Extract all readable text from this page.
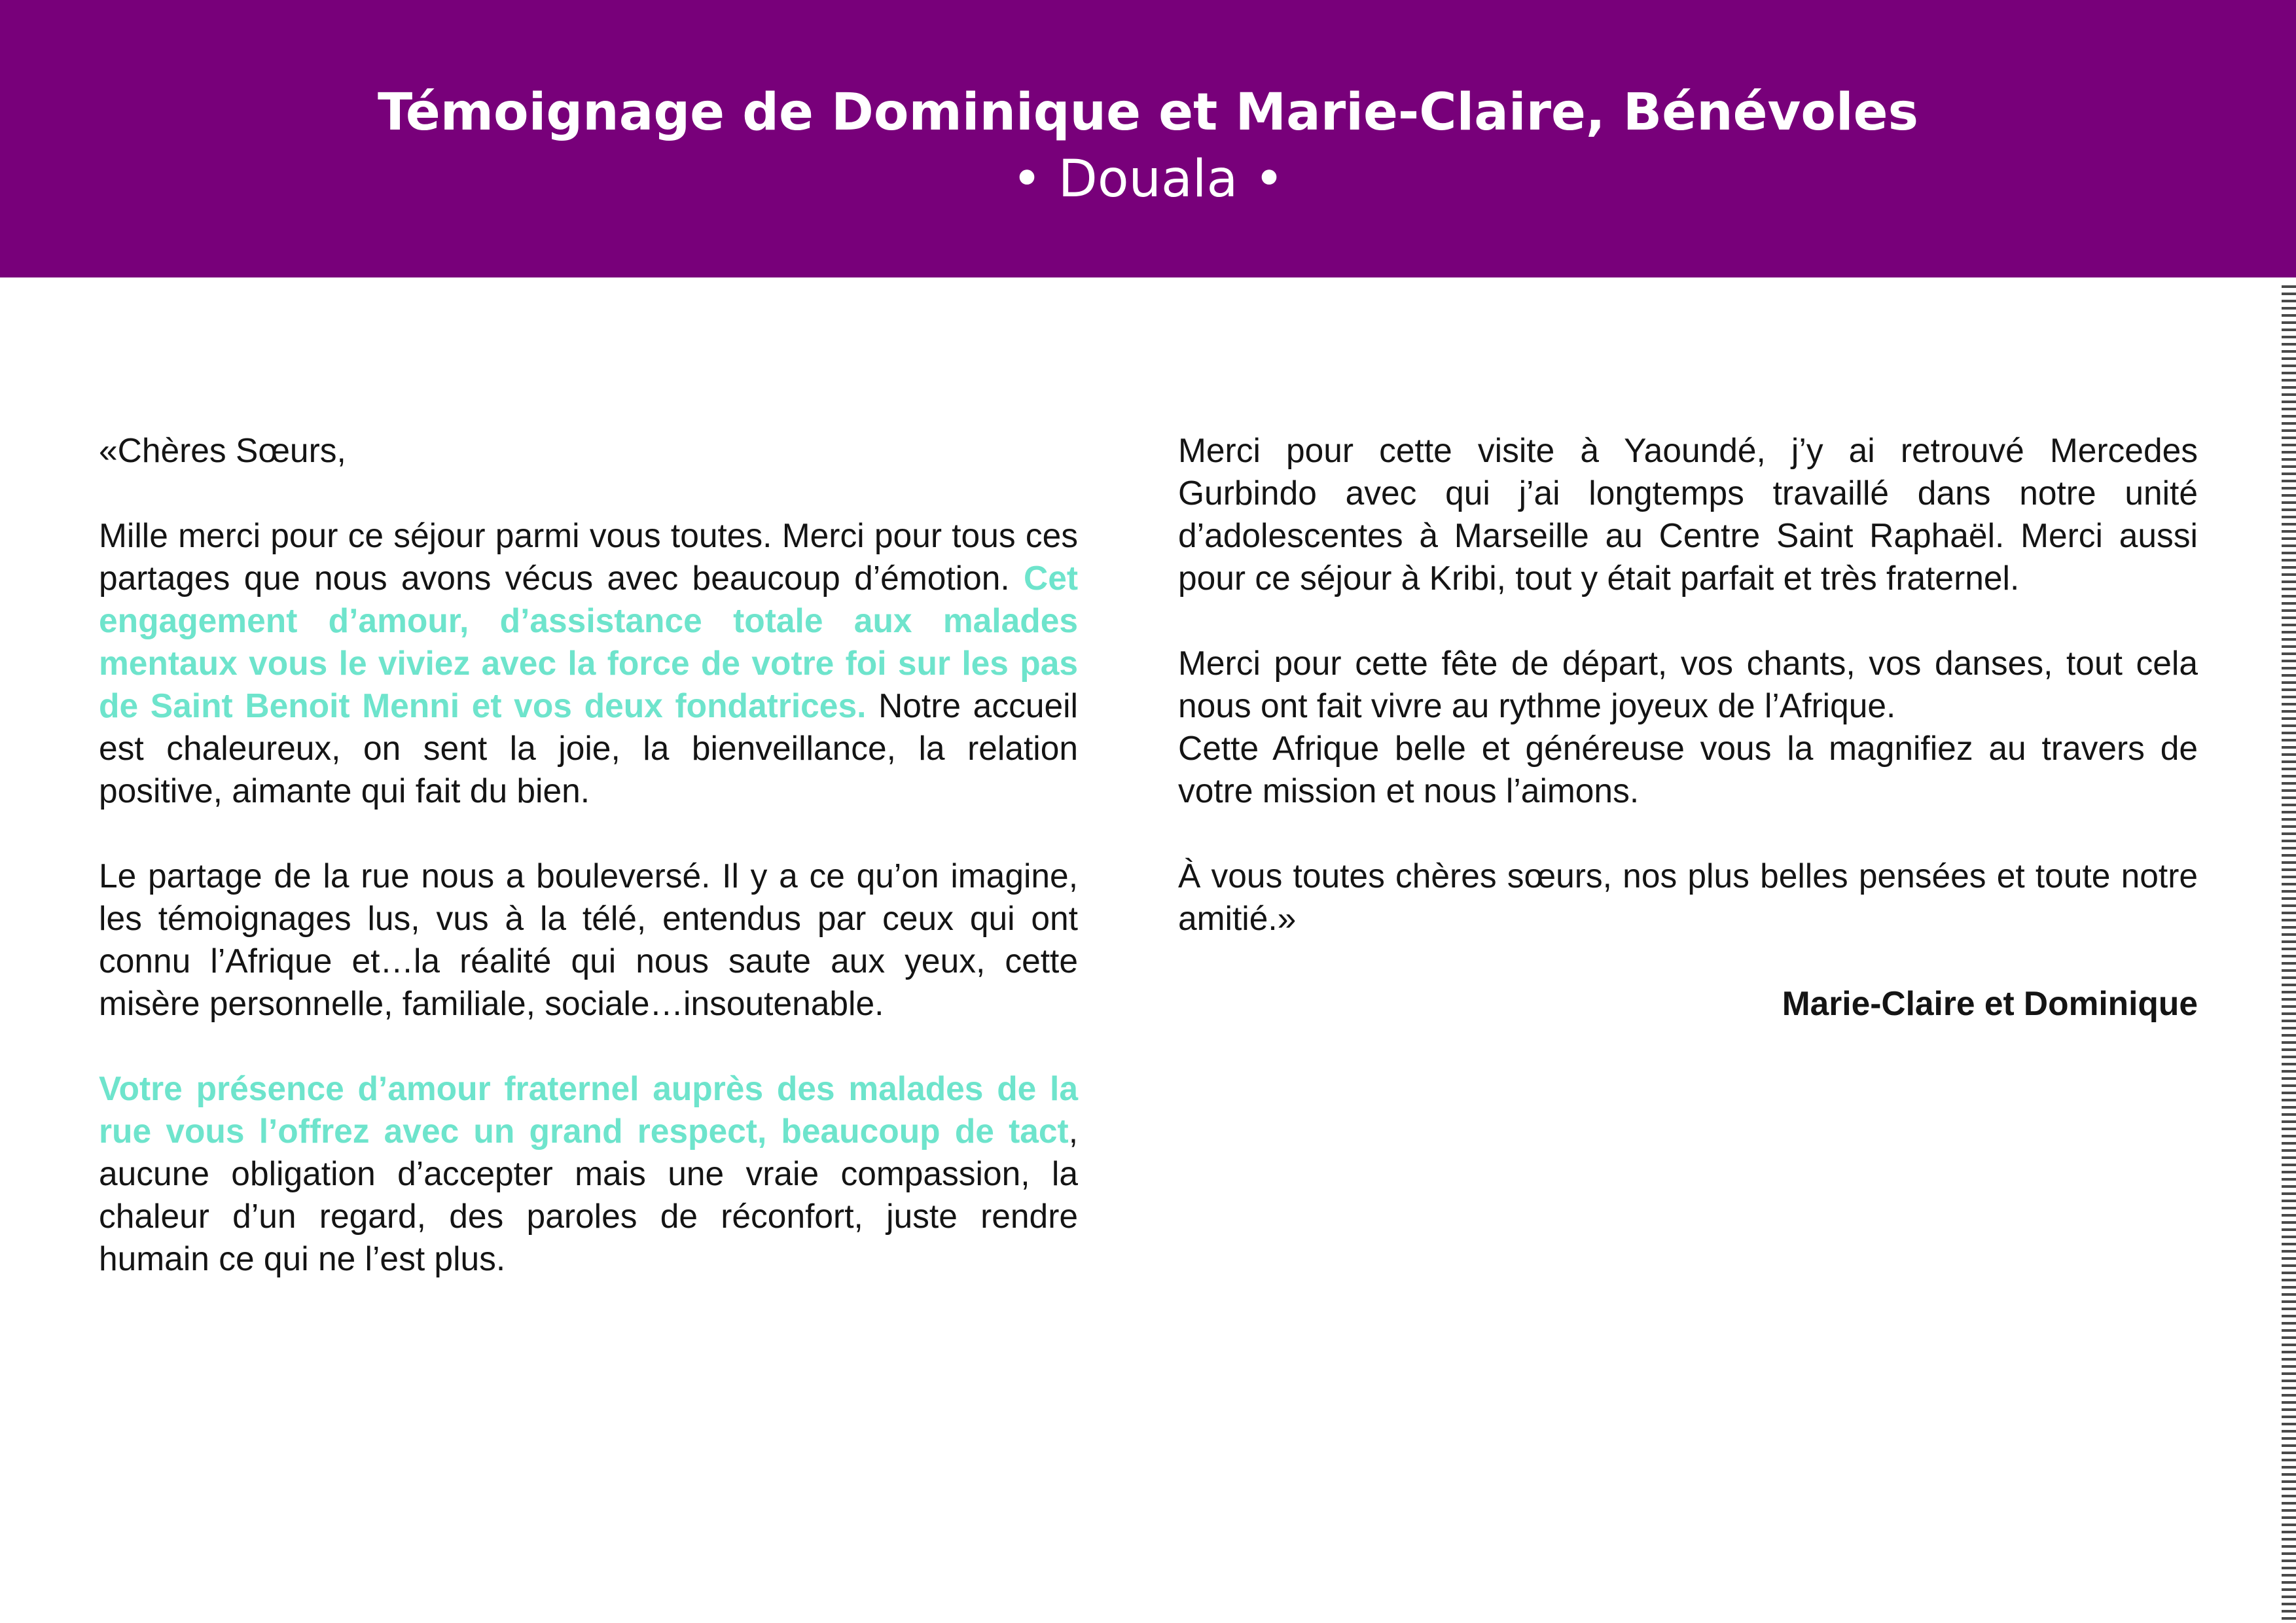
Témoignage de Dominique et Marie-Claire, Bénévoles
• Douala •

«Chères Sœurs,

Mille merci pour ce séjour parmi vous toutes. Merci pour tous ces partages que nous avons vécus avec beaucoup d’émotion. Cet engagement d’amour, d’assistance totale aux malades mentaux vous le viviez avec la force de votre foi sur les pas de Saint Benoit Menni et vos deux fondatrices. Notre accueil est chaleureux, on sent la joie, la bienveillance, la relation positive, aimante qui fait du bien.

Le partage de la rue nous a bouleversé. Il y a ce qu’on imagine, les témoignages lus, vus à la télé, entendus par ceux qui ont connu l’Afrique et…la réalité qui nous saute aux yeux, cette misère personnelle, familiale, sociale…insoutenable.

Votre présence d’amour fraternel auprès des malades de la rue vous l’offrez avec un grand respect, beaucoup de tact, aucune obligation d’accepter mais une vraie compassion, la chaleur d’un regard, des paroles de réconfort, juste rendre humain ce qui ne l’est plus.

Merci pour cette visite à Yaoundé, j’y ai retrouvé Mercedes Gurbindo avec qui j’ai longtemps travaillé dans notre unité d’adolescentes à Marseille au Centre Saint Raphaël. Merci aussi pour ce séjour à Kribi, tout y était parfait et très fraternel.

Merci pour cette fête de départ, vos chants, vos danses, tout cela nous ont fait vivre au rythme joyeux de l’Afrique.
Cette Afrique belle et généreuse vous la magnifiez au travers de votre mission et nous l’aimons.

À vous toutes chères sœurs, nos plus belles pensées et toute notre amitié.»

Marie-Claire et Dominique
